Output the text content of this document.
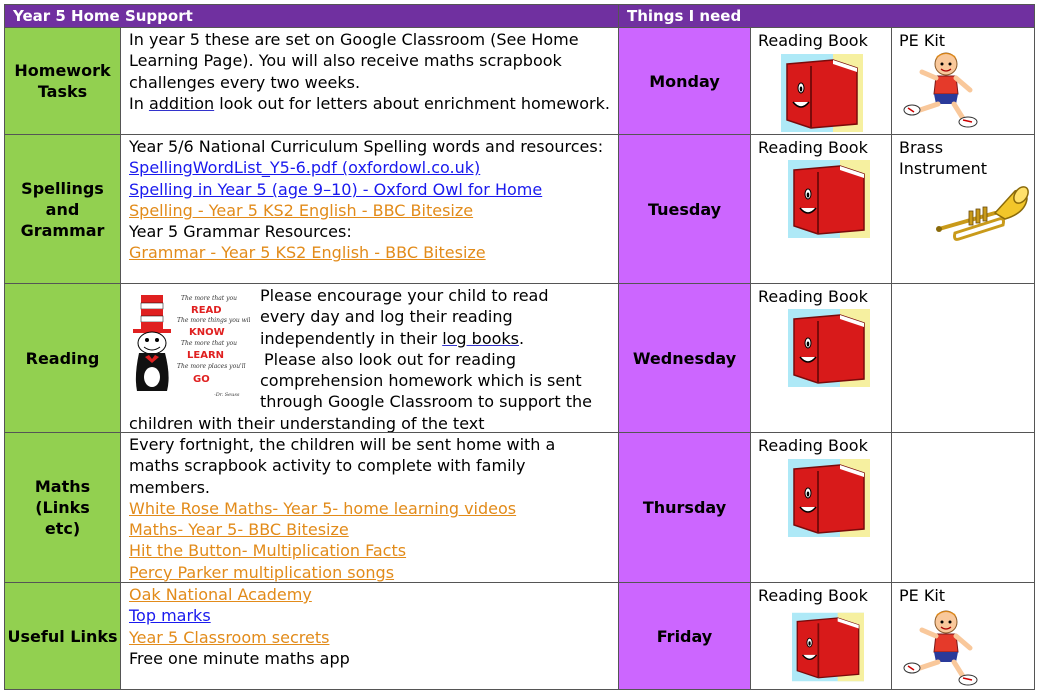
Year 5 Home Support	Things I need
Homework Tasks
Spellings and Grammar
Reading
Maths (Links etc)
Useful Links

In year 5 these are set on Google Classroom (See Home Learning Page). You will also receive maths scrapbook challenges every two weeks.

In addition look out for letters about enrichment homework.

Year 5/6 National Curriculum Spelling words and resources:

SpellingWordList_Y5-6.pdf (oxfordowl.co.uk)

Spelling in Year 5 (age 9–10) - Oxford Owl for Home

Spelling - Year 5 KS2 English - BBC Bitesize

Year 5 Grammar Resources:

Grammar - Year 5 KS2 English - BBC Bitesize

Please encourage your child to read

every day and log their reading

independently in their log books.

Please also look out for reading

comprehension homework which is sent

through Google Classroom to support the

children with their understanding of the text

The more that you
READ
The more things you will
KNOW
The more that you
LEARN
The more places you'll
GO
-Dr. Seuss

Every fortnight, the children will be sent home with a maths scrapbook activity to complete with family members.

White Rose Maths- Year 5- home learning videos

Maths- Year 5- BBC Bitesize

Hit the Button- Multiplication Facts

Percy Parker multiplication songs

Oak National Academy

Top marks

Year 5 Classroom secrets

Free one minute maths app

Monday
Tuesday
Wednesday
Thursday
Friday
Reading Book
Reading Book
Reading Book
Reading Book
Reading Book
PE Kit
Brass Instrument
PE Kit
